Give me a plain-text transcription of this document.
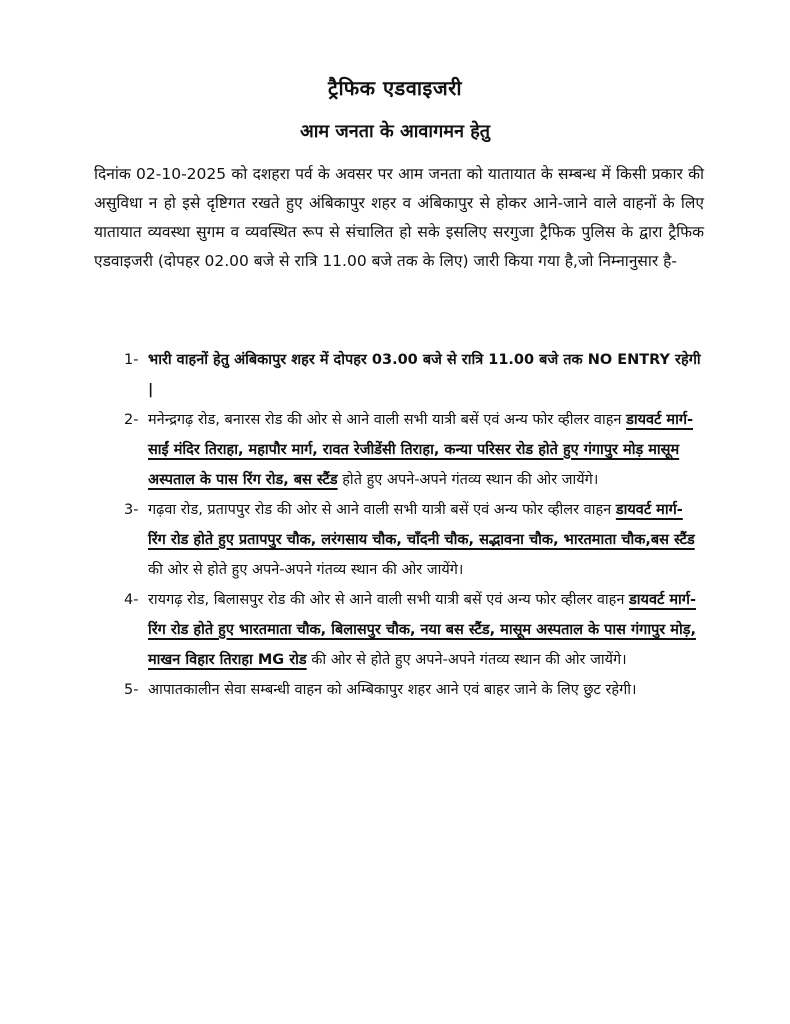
ट्रैफिक एडवाइजरी
आम जनता के आवागमन हेतु

दिनांक 02-10-2025 को दशहरा पर्व के अवसर पर आम जनता को यातायात के सम्बन्ध में किसी प्रकार की असुविधा न हो इसे दृष्टिगत रखते हुए अंबिकापुर शहर व अंबिकापुर से होकर आने-जाने वाले वाहनों के लिए यातायात व्यवस्था सुगम व व्यवस्थित रूप से संचालित हो सके इसलिए सरगुजा ट्रैफिक पुलिस के द्वारा ट्रैफिक एडवाइजरी (दोपहर 02.00 बजे से रात्रि 11.00 बजे तक के लिए) जारी किया गया है,जो निम्नानुसार है-

1- भारी वाहनों हेतु अंबिकापुर शहर में दोपहर 03.00 बजे से रात्रि 11.00 बजे तक NO ENTRY रहेगी |
2- मनेन्द्रगढ़ रोड, बनारस रोड की ओर से आने वाली सभी यात्री बसें एवं अन्य फोर व्हीलर वाहन डायवर्ट मार्ग- साईं मंदिर तिराहा, महापौर मार्ग, रावत रेजीडेंसी तिराहा, कन्या परिसर रोड होते हुए गंगापुर मोड़ मासूम अस्पताल के पास रिंग रोड, बस स्टैंड होते हुए अपने-अपने गंतव्य स्थान की ओर जायेंगे।
3- गढ़वा रोड, प्रतापपुर रोड की ओर से आने वाली सभी यात्री बसें एवं अन्य फोर व्हीलर वाहन डायवर्ट मार्ग- रिंग रोड होते हुए प्रतापपुर चौक, लरंगसाय चौक, चाँदनी चौक, सद्भावना चौक, भारतमाता चौक,बस स्टैंड की ओर से होते हुए अपने-अपने गंतव्य स्थान की ओर जायेंगे।
4- रायगढ़ रोड, बिलासपुर रोड की ओर से आने वाली सभी यात्री बसें एवं अन्य फोर व्हीलर वाहन डायवर्ट मार्ग- रिंग रोड होते हुए भारतमाता चौक, बिलासपुर चौक, नया बस स्टैंड, मासूम अस्पताल के पास गंगापुर मोड़, माखन विहार तिराहा MG रोड की ओर से होते हुए अपने-अपने गंतव्य स्थान की ओर जायेंगे।
5- आपातकालीन सेवा सम्बन्धी वाहन को अम्बिकापुर शहर आने एवं बाहर जाने के लिए छुट रहेगी।
